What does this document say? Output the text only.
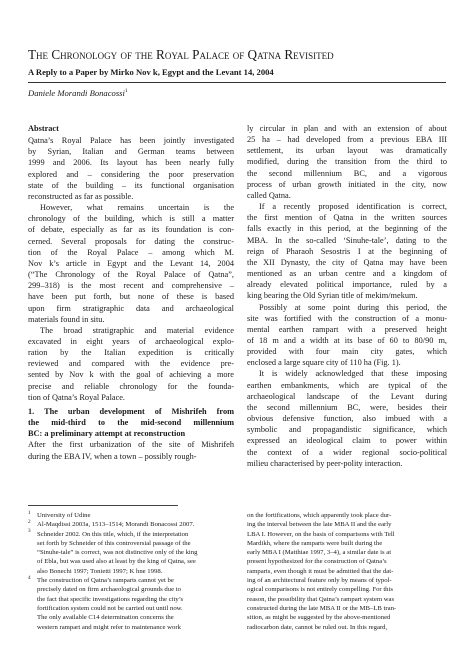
The Chronology of the Royal Palace of Qatna Revisited
A Reply to a Paper by Mirko Nov k, Egypt and the Levant 14, 2004
Daniele Morandi Bonacossi$^1$
Abstract
Qatna’s Royal Palace has been jointly investigated
by Syrian, Italian and German teams between
1999 and 2006. Its layout has been nearly fully
explored and – considering the poor preservation
state of the building – its functional organisation
reconstructed as far as possible.
However, what remains uncertain is the
chronology of the building, which is still a matter
of debate, especially as far as its foundation is con-
cerned. Several proposals for dating the construc-
tion of the Royal Palace – among which M.
Nov k’s article in Egypt and the Levant 14, 2004
(“The Chronology of the Royal Palace of Qatna”,
299–318) is the most recent and comprehensive –
have been put forth, but none of these is based
upon firm stratigraphic data and archaeological
materials found in situ.
The broad stratigraphic and material evidence
excavated in eight years of archaeological explo-
ration by the Italian expedition is critically
reviewed and compared with the evidence pre-
sented by Nov k with the goal of achieving a more
precise and reliable chronology for the founda-
tion of Qatna’s Royal Palace.
1. The urban development of Mishrifeh from
the mid-third to the mid-second millennium
BC: a preliminary attempt at reconstruction
After the first urbanization of the site of Mishrifeh
during the EBA IV, when a town – possibly rough-
ly circular in plan and with an extension of about
25 ha – had developed from a previous EBA III
settlement, its urban layout was dramatically
modified, during the transition from the third to
the second millennium BC, and a vigorous
process of urban growth initiated in the city, now
called Qatna.
If a recently proposed identification is correct,
the first mention of Qatna in the written sources
falls exactly in this period, at the beginning of the
MBA. In the so-called ‘Sinuhe-tale’, dating to the
reign of Pharaoh Sesostris I at the beginning of
the XII Dynasty, the city of Qatna may have been
mentioned as an urban centre and a kingdom of
already elevated political importance, ruled by a
king bearing the Old Syrian title of mekim/mekum.
Possibly at some point during this period, the
site was fortified with the construction of a monu-
mental earthen rampart with a preserved height
of 18 m and a width at its base of 60 to 80/90 m,
provided with four main city gates, which
enclosed a large square city of 110 ha (Fig. 1).
It is widely acknowledged that these imposing
earthen embankments, which are typical of the
archaeological landscape of the Levant during
the second millennium BC, were, besides their
obvious defensive function, also imbued with a
symbolic and propagandistic significance, which
expressed an ideological claim to power within
the context of a wider regional socio-political
milieu characterised by peer-polity interaction.
$^1$ University of Udine
$^2$ Al-Maqdissi 2003a, 1513–1514; Morandi Bonacossi 2007.
$^3$ Schneider 2002. On this title, which, if the interpretation
set forth by Schneider of this controversial passage of the
“Sinuhe-tale” is correct, was not distinctive only of the king
of Ebla, but was used also at least by the king of Qatna, see
also Bonechi 1997; Tonietti 1997; K hne 1998.
$^4$ The construction of Qatna’s ramparts cannot yet be
precisely dated on firm archaeological grounds due to
the fact that specific investigations regarding the city’s
fortification system could not be carried out until now.
The only available C14 determination concerns the
western rampart and might refer to maintenance work
on the fortifications, which apparently took place dur-
ing the interval between the late MBA II and the early
LBA I. However, on the basis of comparisons with Tell
Mardikh, where the ramparts were built during the
early MBA I (Matthiae 1997, 3–4), a similar date is at
present hypothesized for the construction of Qatna’s
ramparts, even though it must be admitted that the dat-
ing of an architectural feature only by means of typol-
ogical comparisons is not entirely compelling. For this
reason, the possibility that Qatna’s rampart system was
constructed during the late MBA II or the MB–LB tran-
sition, as might be suggested by the above-mentioned
radiocarbon date, cannot be ruled out. In this regard,
